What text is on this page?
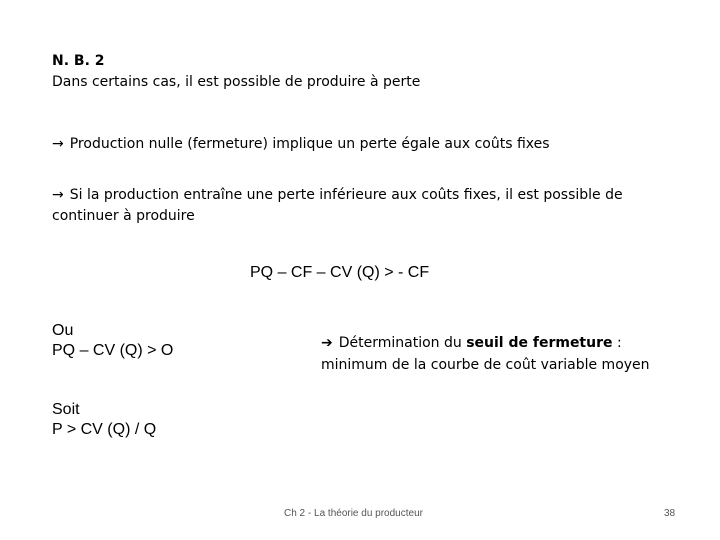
N. B. 2
Dans certains cas, il est possible de produire à perte
→ Production nulle (fermeture) implique un perte égale aux coûts fixes
→ Si la production entraîne une perte inférieure aux coûts fixes, il est possible de continuer à produire
PQ – CF – CV (Q) > - CF
Ou
PQ – CV (Q) > O	➔ Détermination du seuil de fermeture :
minimum de la courbe de coût variable moyen
Soit
P > CV (Q) / Q
Ch 2 - La théorie du producteur	38
